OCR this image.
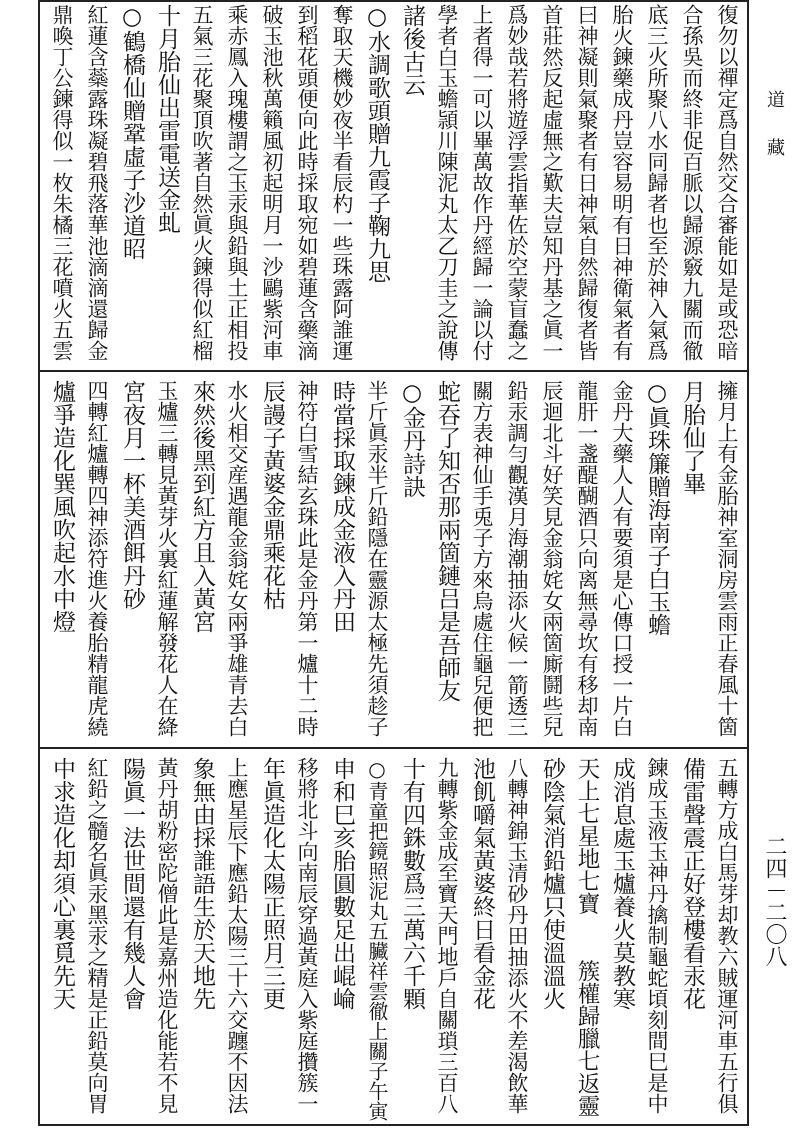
道藏
二四－二〇八
復勿以禪定爲自然交合審能如是或恐暗
合孫吳而終非促百脈以歸源竅九關而徹
底三火所聚八水同歸者也至於神入氣爲
胎火鍊藥成丹豈容易明有日神衛氣者有
曰神凝則氣聚者有日神氣自然歸復者皆
首莊然反起虛無之歎夫豈知丹基之眞一
爲妙哉若將遊浮雲指華佐於空蒙盲蠢之
上者得一可以畢萬故作丹經歸一論以付
學者白玉蟾頴川陳泥丸太乙刀圭之說傳
諸後古云
○水調歌頭贈九霞子鞠九思
奪取天機妙夜半看辰杓一些珠露阿誰運
到稻花頭便向此時採取宛如碧蓮含藥滴
破玉池秋萬籟風初起明月一沙鷗紫河車
乘赤鳳入瑰樓謂之玉汞與鉛與土正相投
五氣三花聚頂吹著自然眞火鍊得似紅榴
十月胎仙出雷電送金虬
○鶴橋仙贈鞏虛子沙道昭
紅蓮含蘂露珠凝碧飛落華池滴滴還歸金
鼎喚丁公鍊得似一枚朱橘三花噴火五雲
擁月上有金胎神室洞房雲雨正春風十箇
月胎仙了畢
○眞珠簾贈海南子白玉蟾
金丹大藥人人有要須是心傳口授一片白
龍肝一盞醍醐酒只向离無尋坎有移却南
辰迴北斗好笑見金翁姹女兩箇廝鬪些兒
鉛汞調勻觀漢月海潮抽添火候一箭透三
關方表神仙手兎子方來烏處住龜兒便把
蛇吞了知否那兩箇鏈吕是吾師友
○金丹詩訣
半斤眞汞半斤鉛隱在靈源太極先須趁子
時當採取鍊成金液入丹田
神符白雪結玄珠此是金丹第一爐十二時
辰謾子黃婆金鼎乘花枯
水火相交産遇龍金翁姹女兩爭雄青去白
來然後黑到紅方且入黃宮
玉爐三轉見黃芽火裏紅蓮解發花人在絳
宮夜月一杯美酒餌丹砂
四轉紅爐轉四神添符進火養胎精龍虎繞
爐爭造化巽風吹起水中燈
五轉方成白馬芽却教六賊運河車五行俱
備雷聲震正好登樓看汞花
鍊成玉液玉神丹擒制龜蛇頃刻間巳是中
成消息處玉爐養火莫教寒
天上七星地七寶　　簇權歸臘七返靈
砂陰氣消鉛爐只使溫溫火
八轉神錦玉清砂丹田抽添火不差渴飲華
池飢嚼氣黃婆終日看金花
九轉紫金成至寶天門地戶自關瑣三百八
十有四銖數爲三萬六千顆
○青童把鏡照泥丸五臟祥雲徹上關子午寅
申和巳亥胎圓數足出崐崘
移將北斗向南辰穿過黃庭入紫庭攢簇一
年眞造化太陽正照月三更
上應星辰下應鉛太陽三十六交躔不因法
象無由採誰語生於天地先
黃丹胡粉密陀僧此是嘉州造化能若不見
陽眞一法世間還有幾人會
紅鉛之髓名眞汞黑汞之精是正鉛莫向胃
中求造化却須心裏覓先天
